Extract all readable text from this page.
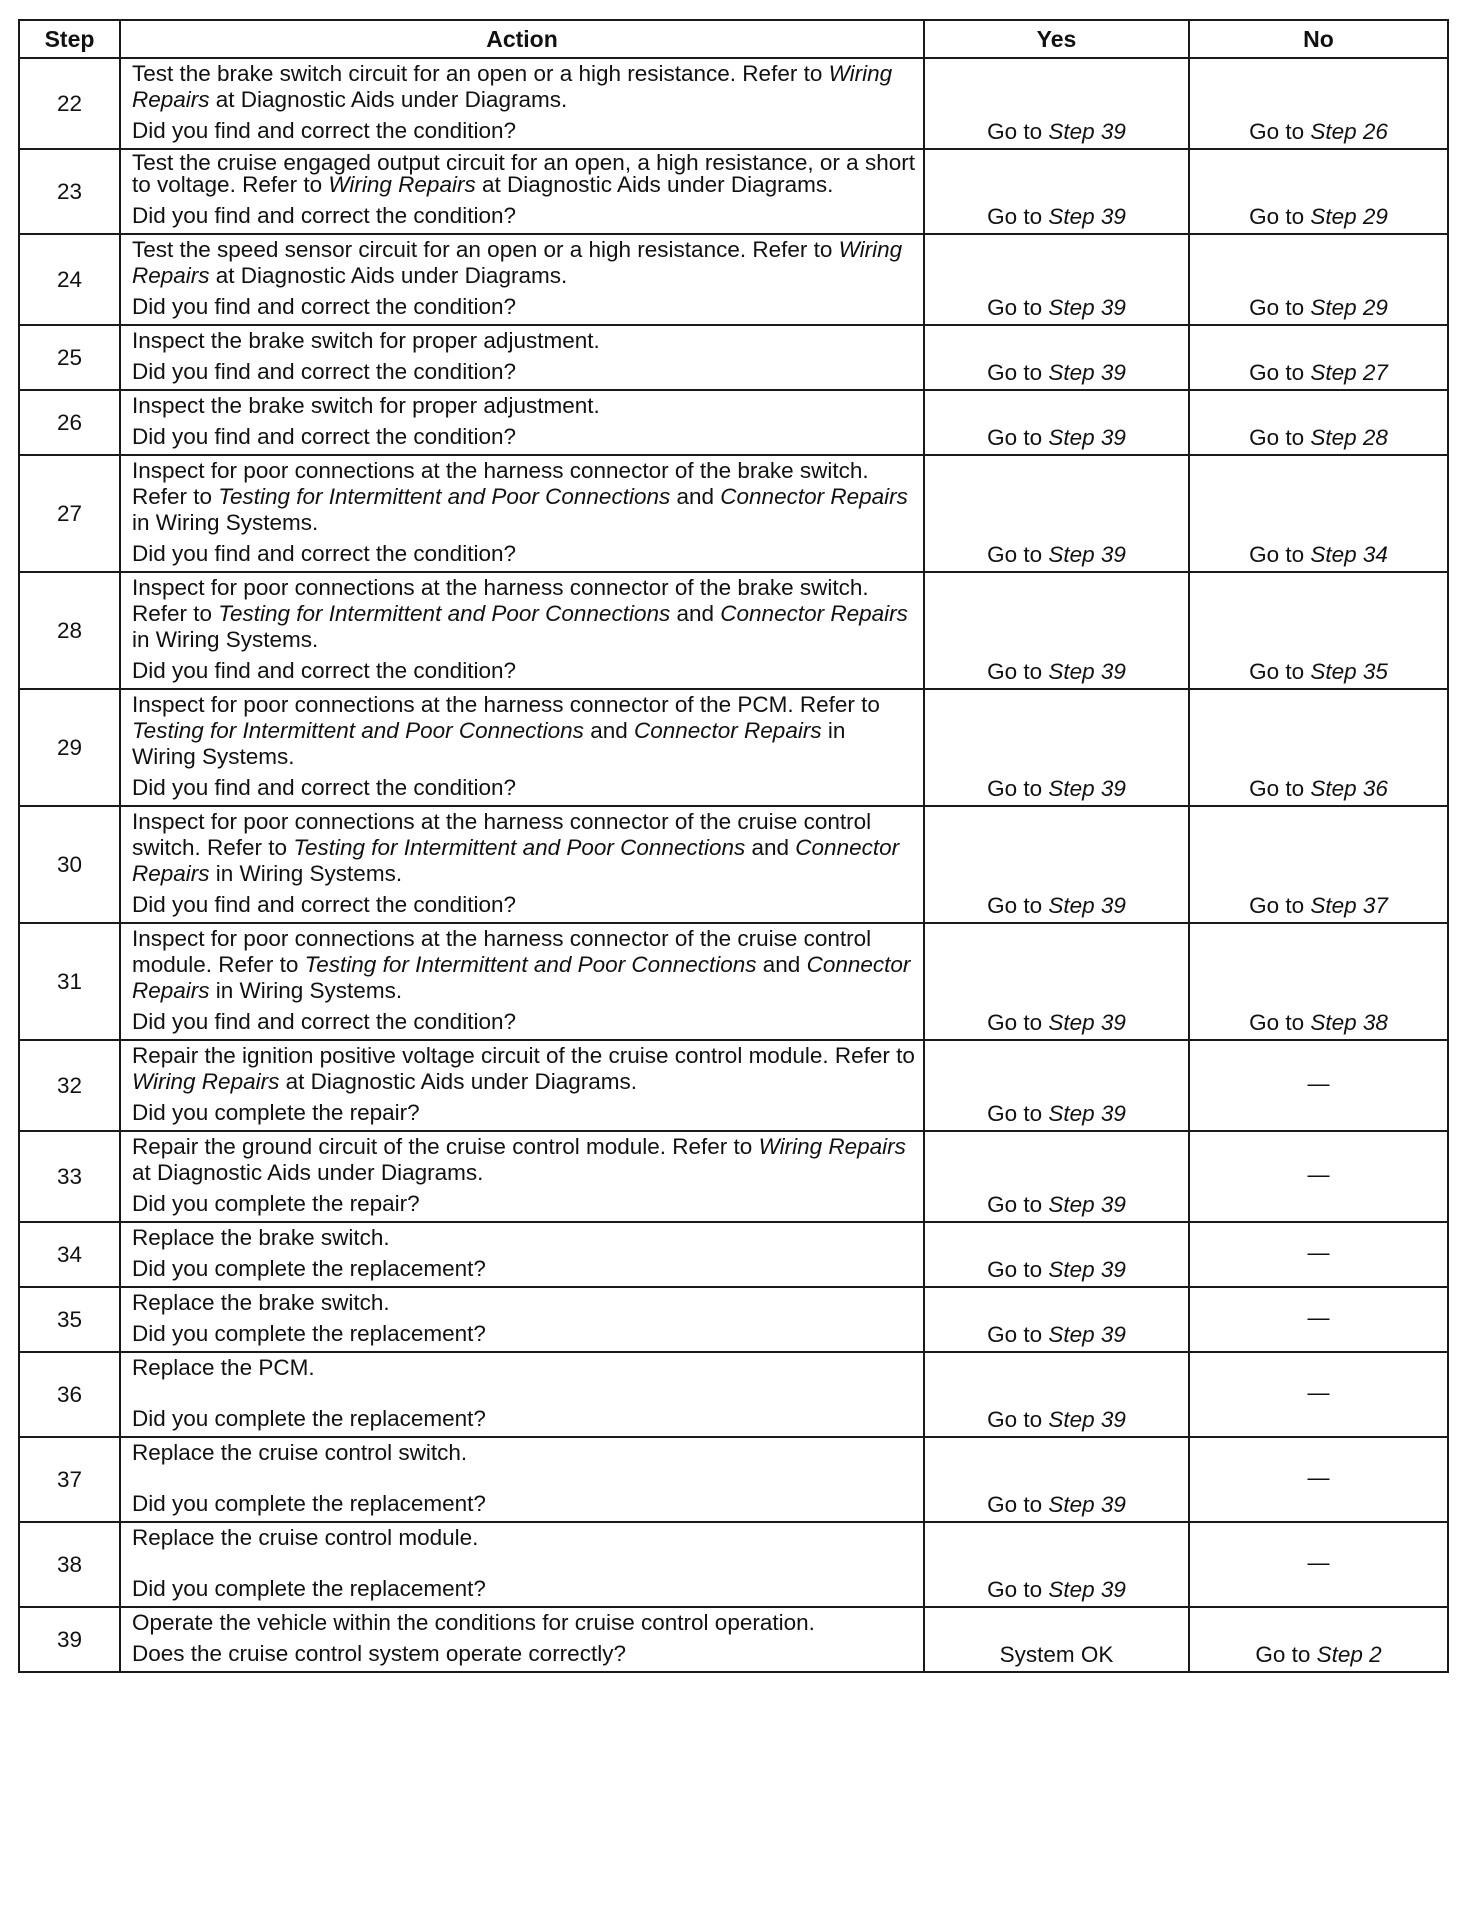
Step	Action	Yes	No
22	Test the brake switch circuit for an open or a high resistance. Refer to Wiring Repairs at Diagnostic Aids under Diagrams.
Did you find and correct the condition?	Go to Step 39	Go to Step 26
23	Test the cruise engaged output circuit for an open, a high resistance, or a short to voltage. Refer to Wiring Repairs at Diagnostic Aids under Diagrams.
Did you find and correct the condition?	Go to Step 39	Go to Step 29
24	Test the speed sensor circuit for an open or a high resistance. Refer to Wiring Repairs at Diagnostic Aids under Diagrams.
Did you find and correct the condition?	Go to Step 39	Go to Step 29
25	Inspect the brake switch for proper adjustment.
Did you find and correct the condition?	Go to Step 39	Go to Step 27
26	Inspect the brake switch for proper adjustment.
Did you find and correct the condition?	Go to Step 39	Go to Step 28
27	Inspect for poor connections at the harness connector of the brake switch. Refer to Testing for Intermittent and Poor Connections and Connector Repairs in Wiring Systems.
Did you find and correct the condition?	Go to Step 39	Go to Step 34
28	Inspect for poor connections at the harness connector of the brake switch. Refer to Testing for Intermittent and Poor Connections and Connector Repairs in Wiring Systems.
Did you find and correct the condition?	Go to Step 39	Go to Step 35
29	Inspect for poor connections at the harness connector of the PCM. Refer to Testing for Intermittent and Poor Connections and Connector Repairs in Wiring Systems.
Did you find and correct the condition?	Go to Step 39	Go to Step 36
30	Inspect for poor connections at the harness connector of the cruise control switch. Refer to Testing for Intermittent and Poor Connections and Connector Repairs in Wiring Systems.
Did you find and correct the condition?	Go to Step 39	Go to Step 37
31	Inspect for poor connections at the harness connector of the cruise control module. Refer to Testing for Intermittent and Poor Connections and Connector Repairs in Wiring Systems.
Did you find and correct the condition?	Go to Step 39	Go to Step 38
32	Repair the ignition positive voltage circuit of the cruise control module. Refer to Wiring Repairs at Diagnostic Aids under Diagrams.
Did you complete the repair?	Go to Step 39	—
33	Repair the ground circuit of the cruise control module. Refer to Wiring Repairs at Diagnostic Aids under Diagrams.
Did you complete the repair?	Go to Step 39	—
34	Replace the brake switch.
Did you complete the replacement?	Go to Step 39	—
35	Replace the brake switch.
Did you complete the replacement?	Go to Step 39	—
36	Replace the PCM.
Did you complete the replacement?	Go to Step 39	—
37	Replace the cruise control switch.
Did you complete the replacement?	Go to Step 39	—
38	Replace the cruise control module.
Did you complete the replacement?	Go to Step 39	—
39	Operate the vehicle within the conditions for cruise control operation.
Does the cruise control system operate correctly?	System OK	Go to Step 2
